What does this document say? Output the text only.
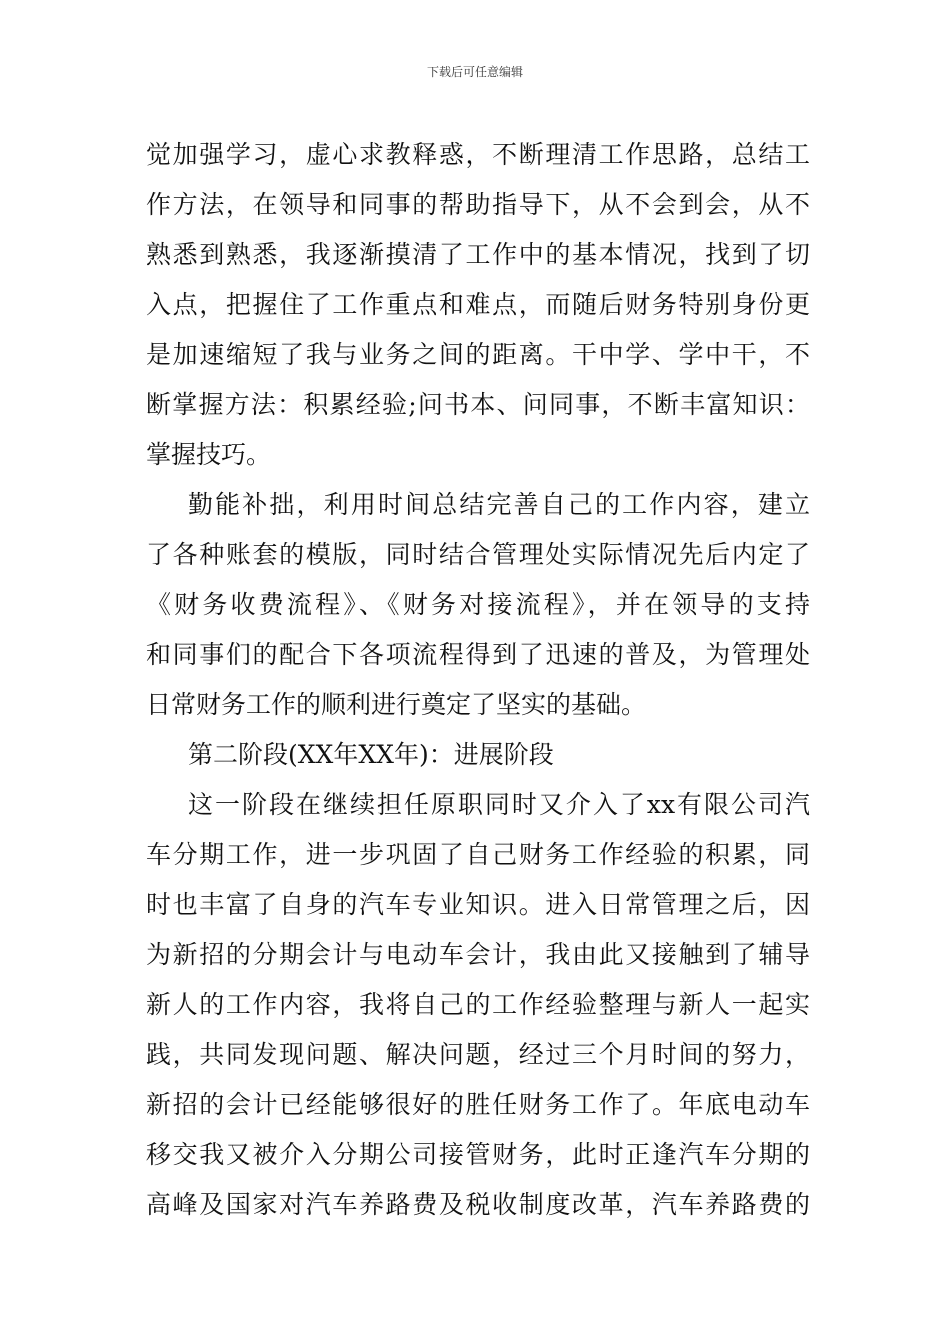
下载后可任意编辑
觉加强学习，虚心求教释惑，不断理清工作思路，总结工
作方法，在领导和同事的帮助指导下，从不会到会，从不
熟悉到熟悉，我逐渐摸清了工作中的基本情况，找到了切
入点，把握住了工作重点和难点，而随后财务特别身份更
是加速缩短了我与业务之间的距离。干中学、学中干，不
断掌握方法：积累经验;问书本、问同事，不断丰富知识：
掌握技巧。
勤能补拙，利用时间总结完善自己的工作内容，建立
了各种账套的模版，同时结合管理处实际情况先后内定了
《财务收费流程》、《财务对接流程》，并在领导的支持
和同事们的配合下各项流程得到了迅速的普及，为管理处
日常财务工作的顺利进行奠定了坚实的基础。
第二阶段(XX年XX年)：进展阶段
这一阶段在继续担任原职同时又介入了xx有限公司汽
车分期工作，进一步巩固了自己财务工作经验的积累，同
时也丰富了自身的汽车专业知识。进入日常管理之后，因
为新招的分期会计与电动车会计，我由此又接触到了辅导
新人的工作内容，我将自己的工作经验整理与新人一起实
践，共同发现问题、解决问题，经过三个月时间的努力，
新招的会计已经能够很好的胜任财务工作了。年底电动车
移交我又被介入分期公司接管财务，此时正逢汽车分期的
高峰及国家对汽车养路费及税收制度改革，汽车养路费的
